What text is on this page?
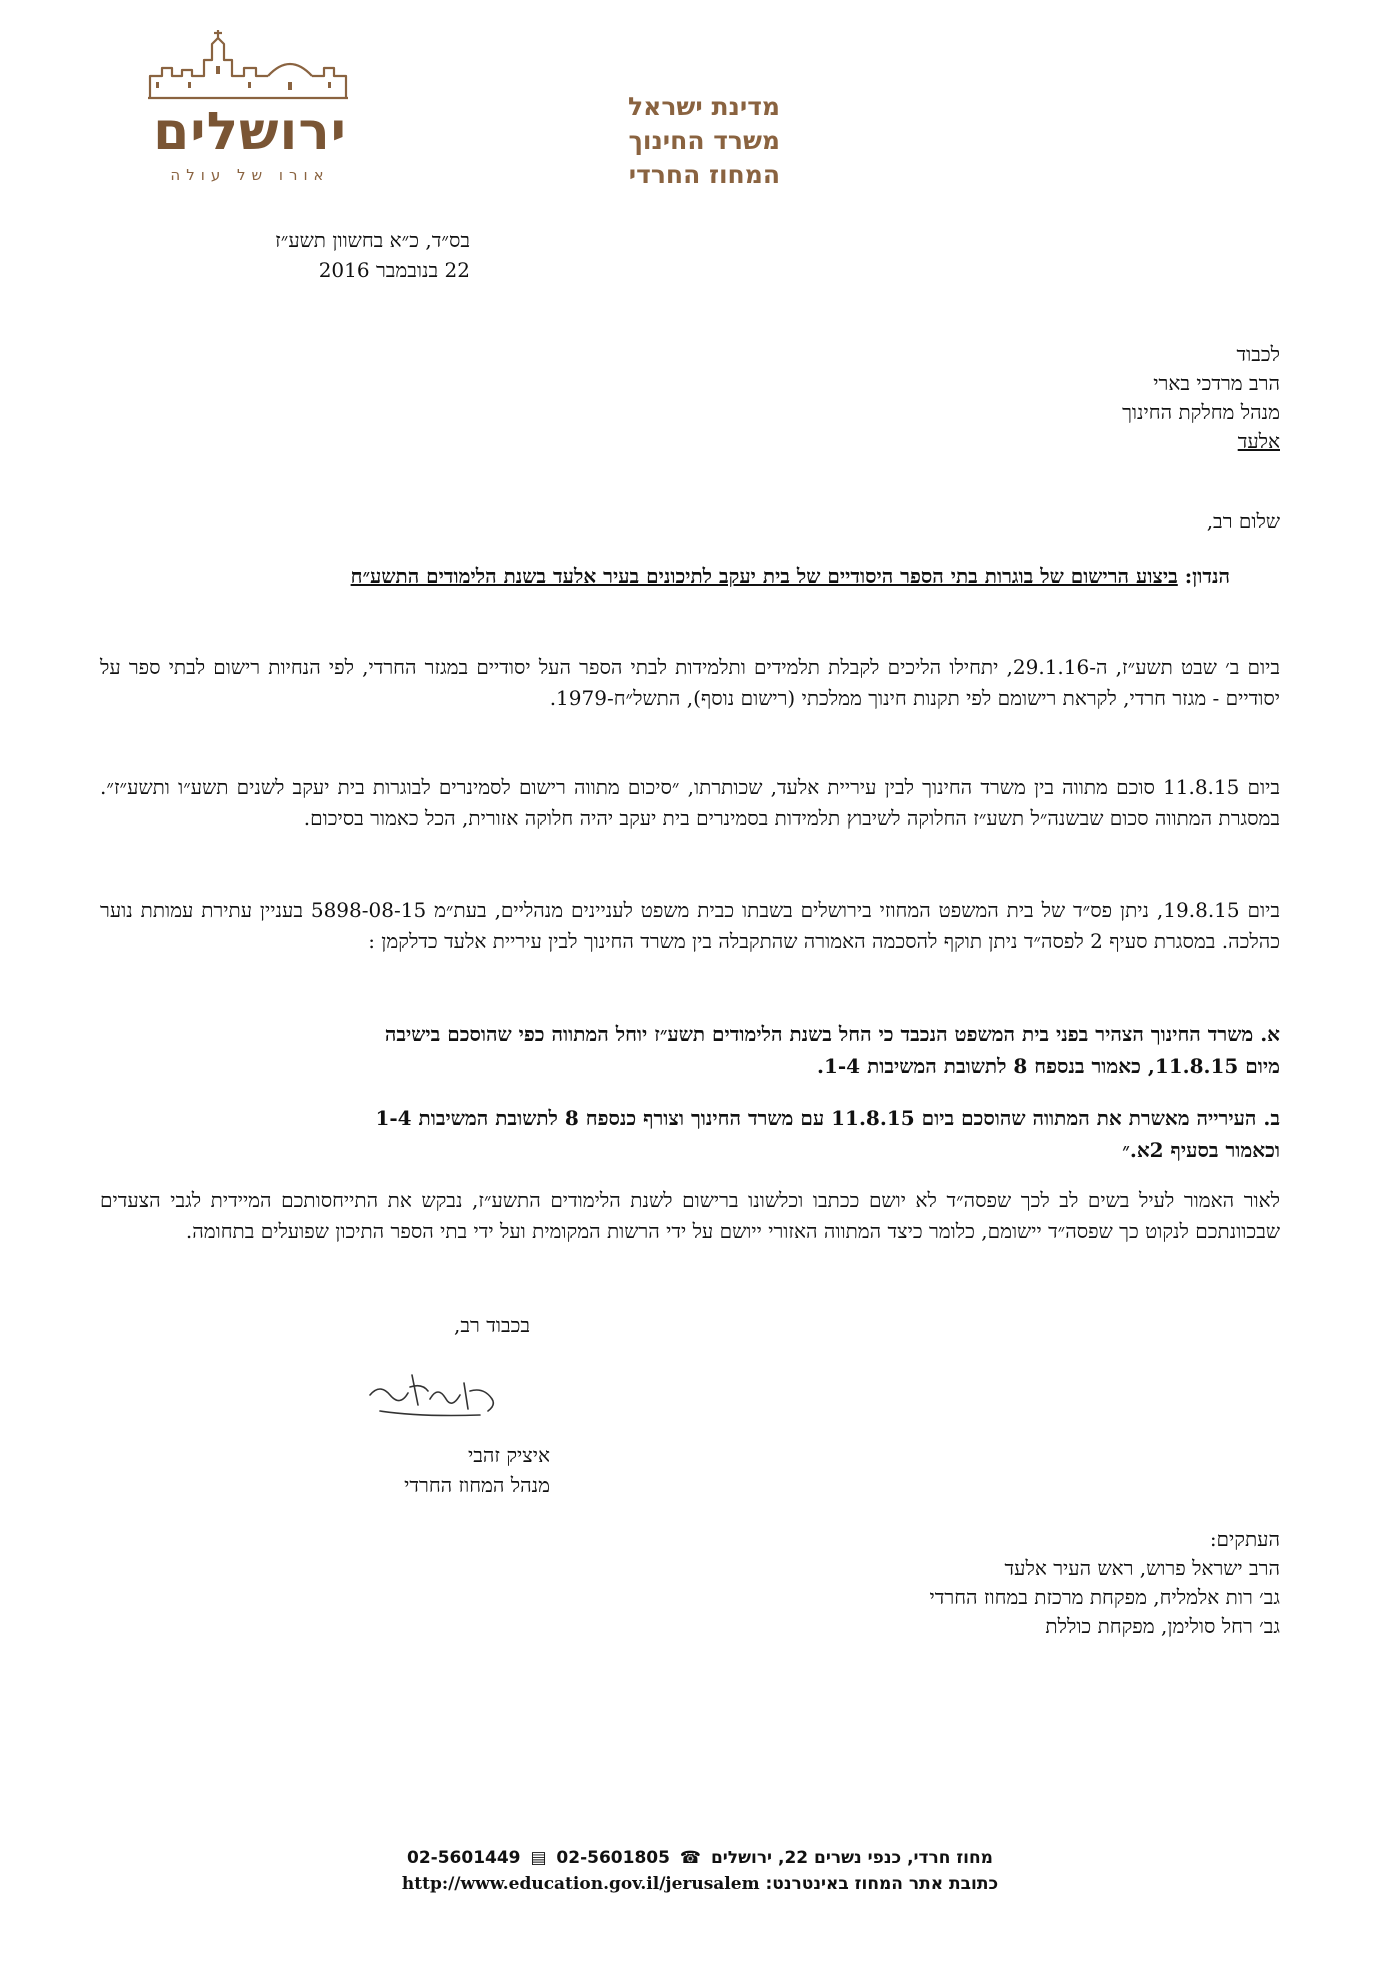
ירושלים
אורו של עולה
מדינת ישראל
משרד החינוך
המחוז החרדי
בס״ד, כ״א בחשוון תשע״ז
22 בנובמבר 2016
לכבוד
הרב מרדכי בארי
מנהל מחלקת החינוך
אלעד
שלום רב,
הנדון: ביצוע הרישום של בוגרות בתי הספר היסודיים של בית יעקב לתיכונים בעיר אלעד בשנת הלימודים התשע״ח
ביום ב׳ שבט תשע״ז, ה-29.1.16, יתחילו הליכים לקבלת תלמידים ותלמידות לבתי הספר העל יסודיים במגזר החרדי, לפי הנחיות רישום לבתי ספר על יסודיים - מגזר חרדי, לקראת רישומם לפי תקנות חינוך ממלכתי (רישום נוסף), התשל״ח-1979.
ביום 11.8.15 סוכם מתווה בין משרד החינוך לבין עיריית אלעד, שכותרתו, ״סיכום מתווה רישום לסמינרים לבוגרות בית יעקב לשנים תשע״ו ותשע״ז״. במסגרת המתווה סכום שבשנה״ל תשע״ז החלוקה לשיבוץ תלמידות בסמינרים בית יעקב יהיה חלוקה אזורית, הכל כאמור בסיכום.
ביום 19.8.15, ניתן פס״ד של בית המשפט המחוזי בירושלים בשבתו כבית משפט לעניינים מנהליים, בעת״מ 5898-08-15 בעניין עתירת עמותת נוער כהלכה. במסגרת סעיף 2 לפסה״ד ניתן תוקף להסכמה האמורה שהתקבלה בין משרד החינוך לבין עיריית אלעד כדלקמן :
א. משרד החינוך הצהיר בפני בית המשפט הנכבד כי החל בשנת הלימודים תשע״ז יוחל המתווה כפי שהוסכם בישיבה מיום 11.8.15, כאמור בנספח 8 לתשובת המשיבות 1-4.
ב. העירייה מאשרת את המתווה שהוסכם ביום 11.8.15 עם משרד החינוך וצורף כנספח 8 לתשובת המשיבות 1-4 וכאמור בסעיף 2א.״
לאור האמור לעיל בשים לב לכך שפסה״ד לא יושם ככתבו וכלשונו ברישום לשנת הלימודים התשע״ז, נבקש את התייחסותכם המיידית לגבי הצעדים שבכוונתכם לנקוט כך שפסה״ד יישומם, כלומר כיצד המתווה האזורי ייושם על ידי הרשות המקומית ועל ידי בתי הספר התיכון שפועלים בתחומה.
בכבוד רב,
איציק זהבי
מנהל המחוז החרדי
העתקים:
הרב ישראל פרוש, ראש העיר אלעד
גב׳ רות אלמליח, מפקחת מרכזת במחוז החרדי
גב׳ רחל סולימן, מפקחת כוללת
מחוז חרדי, כנפי נשרים 22, ירושלים ☎ 02-5601805 ▤ 02-5601449
כתובת אתר המחוז באינטרנט: http://www.education.gov.il/jerusalem
